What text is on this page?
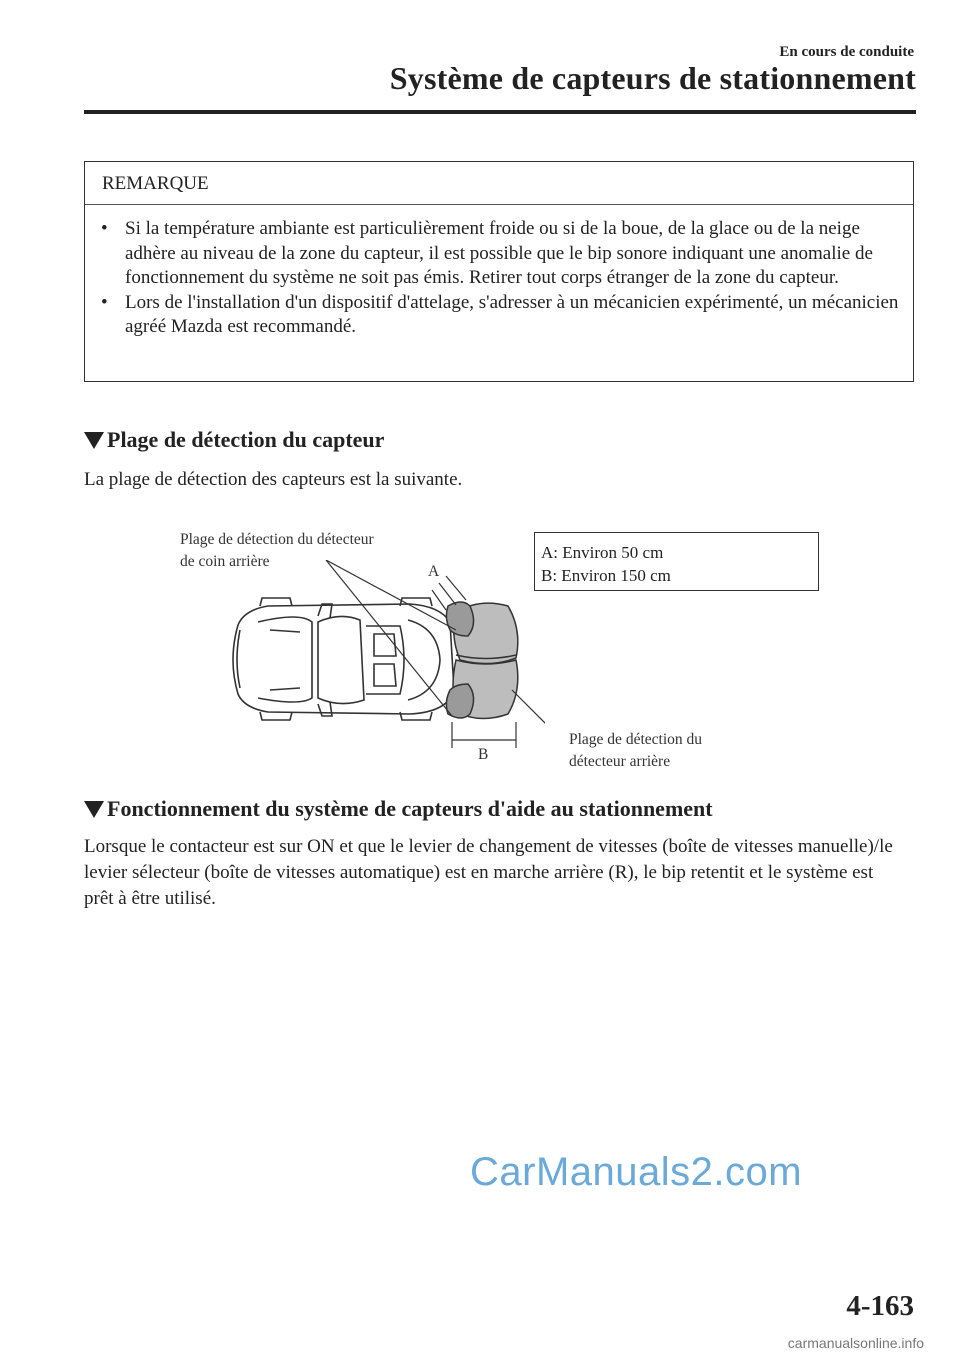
En cours de conduite
Système de capteurs de stationnement
REMARQUE

• Si la température ambiante est particulièrement froide ou si de la boue, de la glace ou de la neige adhère au niveau de la zone du capteur, il est possible que le bip sonore indiquant une anomalie de fonctionnement du système ne soit pas émis. Retirer tout corps étranger de la zone du capteur.

• Lors de l'installation d'un dispositif d'attelage, s'adresser à un mécanicien expérimenté, un mécanicien agréé Mazda est recommandé.

Plage de détection du capteur
La plage de détection des capteurs est la suivante.
Plage de détection du détecteur
de coin arrière
A
B
Plage de détection du
détecteur arrière
A: Environ 50 cm
B: Environ 150 cm
Fonctionnement du système de capteurs d'aide au stationnement
Lorsque le contacteur est sur ON et que le levier de changement de vitesses (boîte de vitesses manuelle)/le levier sélecteur (boîte de vitesses automatique) est en marche arrière (R), le bip retentit et le système est prêt à être utilisé.
CarManuals2.com
4-163
carmanualsonline.info
